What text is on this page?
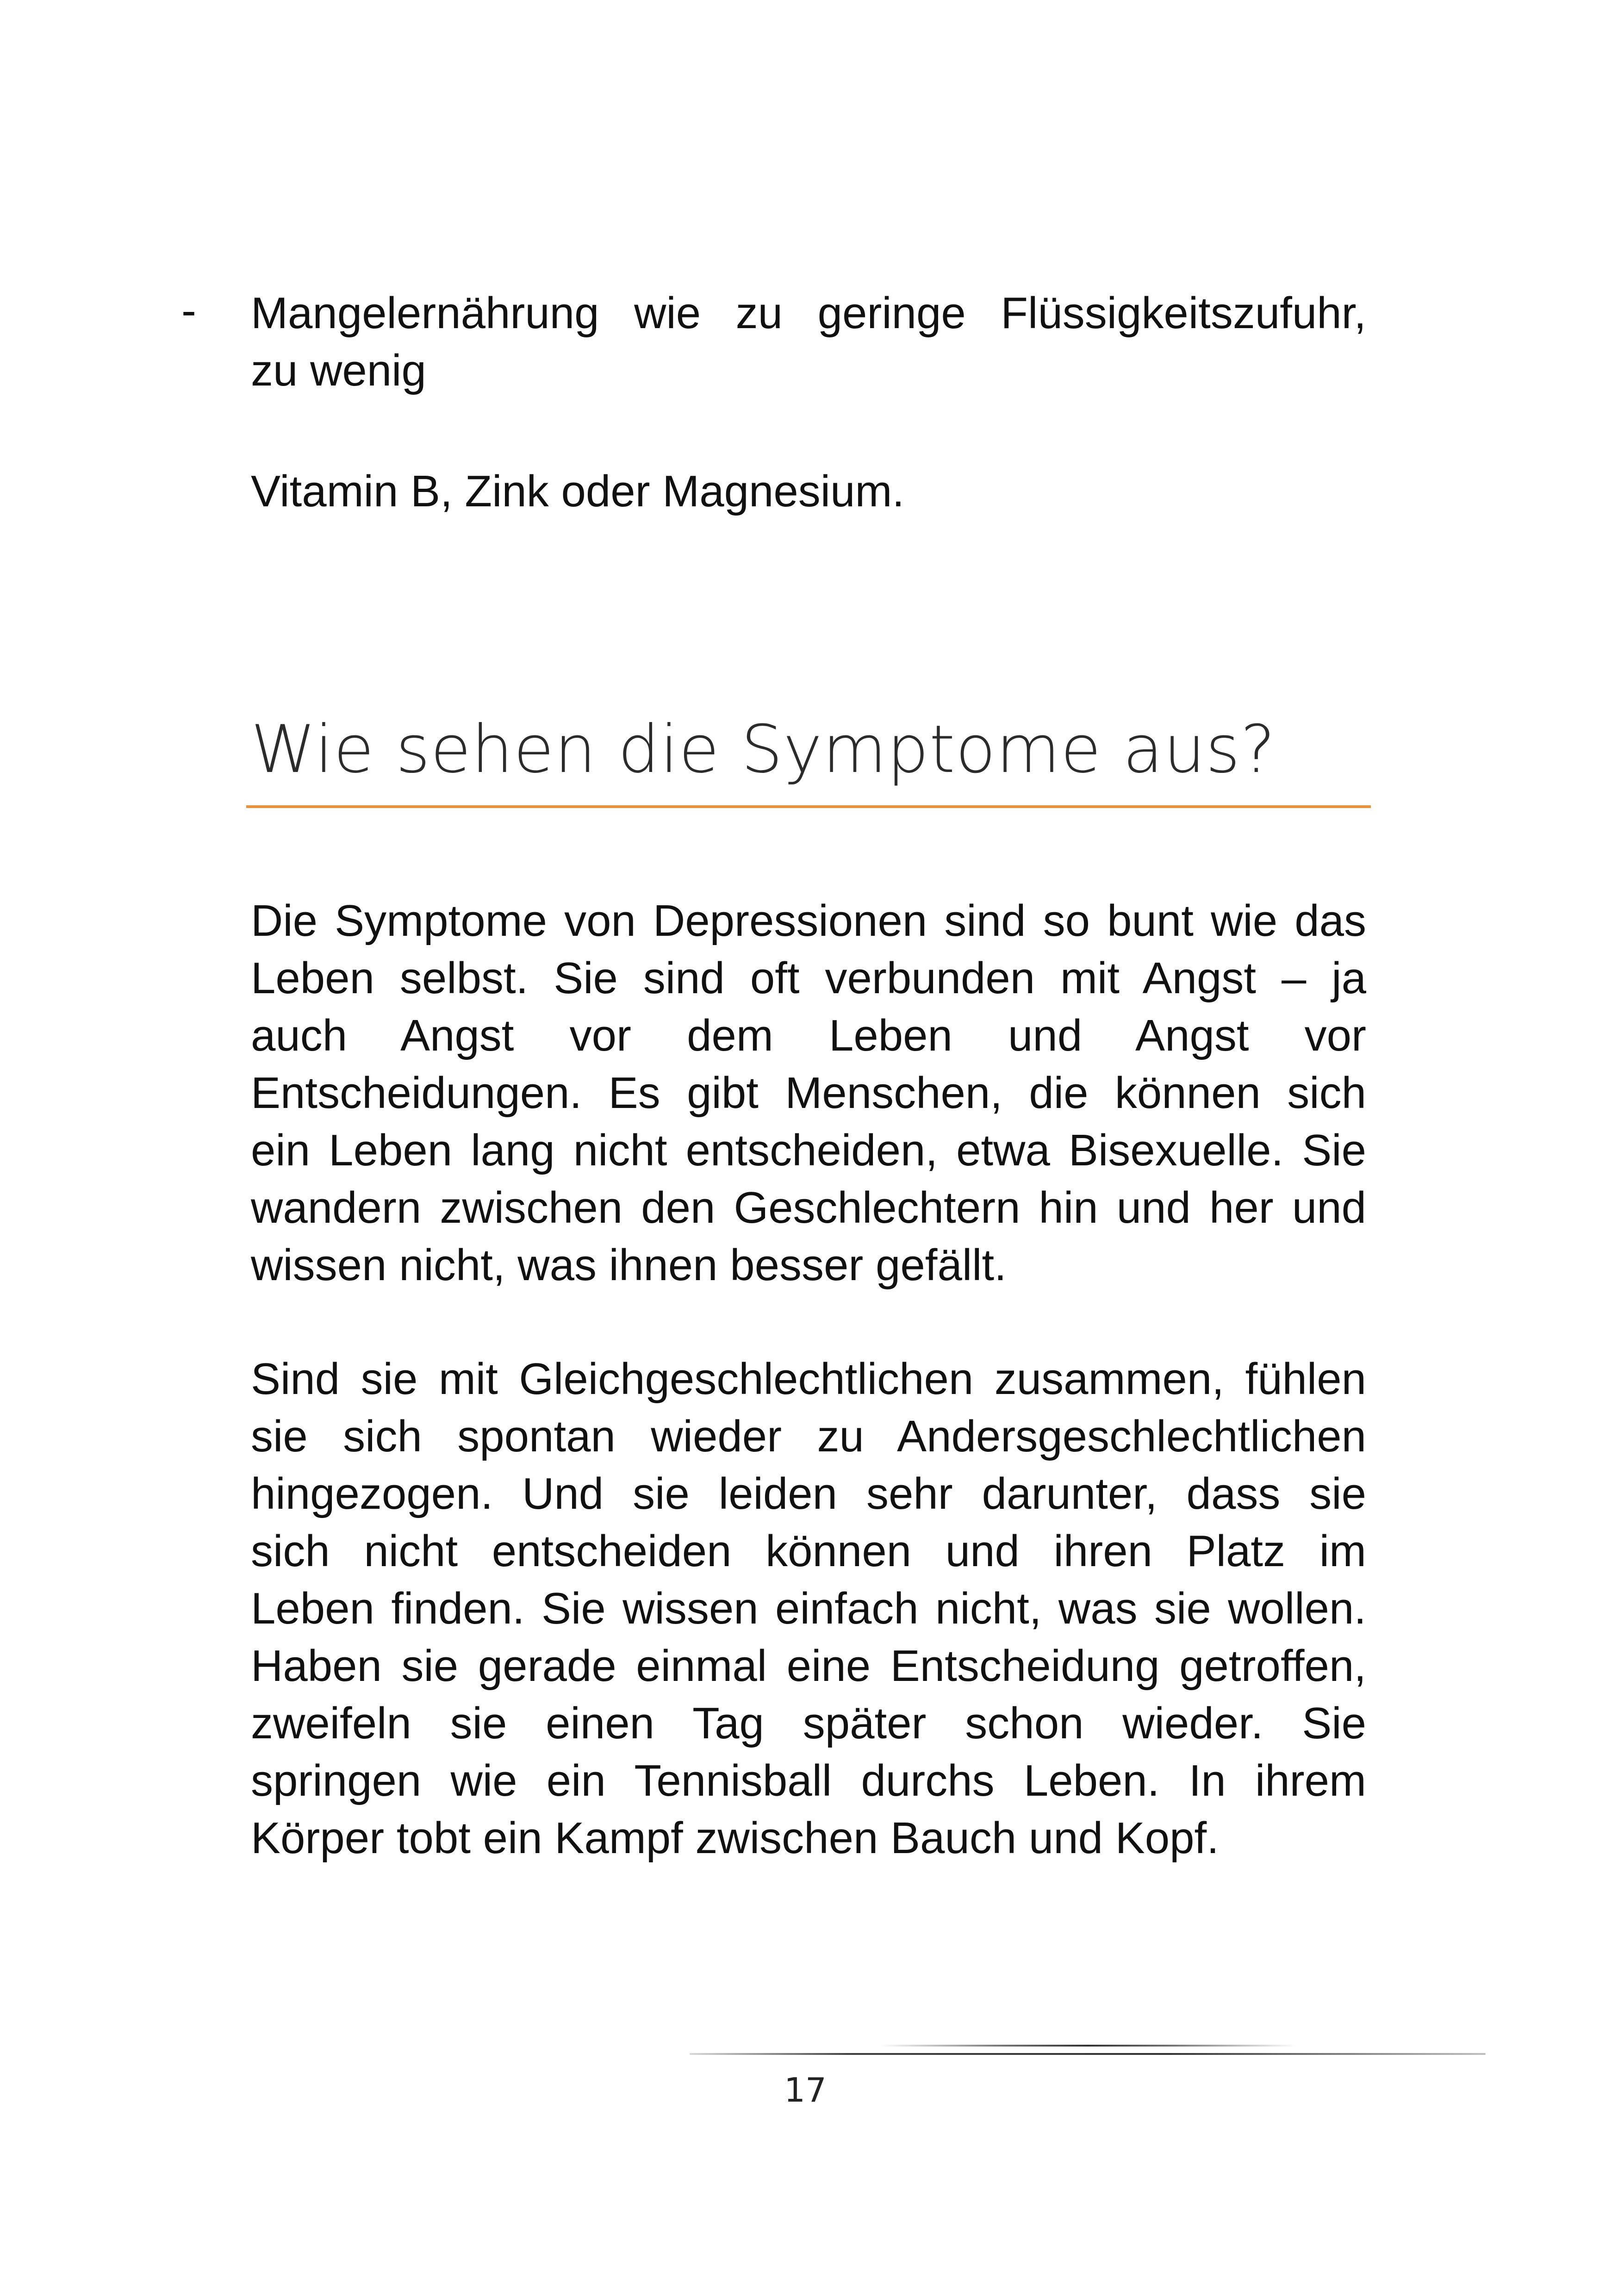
- Mangelernährung wie zu geringe Flüssigkeitszufuhr,
zu wenig
Vitamin B, Zink oder Magnesium.
Wie sehen die Symptome aus?
Die Symptome von Depressionen sind so bunt wie das
Leben selbst. Sie sind oft verbunden mit Angst – ja
auch Angst vor dem Leben und Angst vor
Entscheidungen. Es gibt Menschen, die können sich
ein Leben lang nicht entscheiden, etwa Bisexuelle. Sie
wandern zwischen den Geschlechtern hin und her und
wissen nicht, was ihnen besser gefällt.
Sind sie mit Gleichgeschlechtlichen zusammen, fühlen
sie sich spontan wieder zu Andersgeschlechtlichen
hingezogen. Und sie leiden sehr darunter, dass sie
sich nicht entscheiden können und ihren Platz im
Leben finden. Sie wissen einfach nicht, was sie wollen.
Haben sie gerade einmal eine Entscheidung getroffen,
zweifeln sie einen Tag später schon wieder. Sie
springen wie ein Tennisball durchs Leben. In ihrem
Körper tobt ein Kampf zwischen Bauch und Kopf.
17
